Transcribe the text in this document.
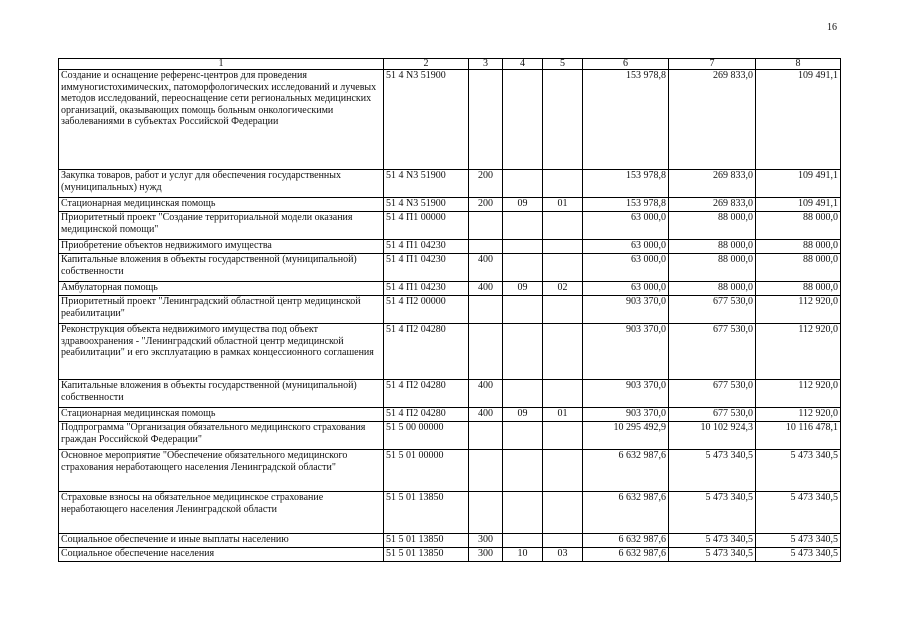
16
1	2	3	4	5	6	7	8
Создание и оснащение референс-центров для проведения иммуногистохимических, патоморфологических исследований и лучевых методов исследований, переоснащение сети региональных медицинских организаций, оказывающих помощь больным онкологическими заболеваниями в субъектах Российской Федерации	51 4 N3 51900				153 978,8	269 833,0	109 491,1
Закупка товаров, работ и услуг для обеспечения государственных (муниципальных) нужд	51 4 N3 51900	200			153 978,8	269 833,0	109 491,1
Стационарная медицинская помощь	51 4 N3 51900	200	09	01	153 978,8	269 833,0	109 491,1
Приоритетный проект "Создание территориальной модели оказания медицинской помощи"	51 4 П1 00000				63 000,0	88 000,0	88 000,0
Приобретение объектов недвижимого имущества	51 4 П1 04230				63 000,0	88 000,0	88 000,0
Капитальные вложения в объекты государственной (муниципальной) собственности	51 4 П1 04230	400			63 000,0	88 000,0	88 000,0
Амбулаторная помощь	51 4 П1 04230	400	09	02	63 000,0	88 000,0	88 000,0
Приоритетный проект "Ленинградский областной центр медицинской реабилитации"	51 4 П2 00000				903 370,0	677 530,0	112 920,0
Реконструкция объекта недвижимого имущества под объект здравоохранения - "Ленинградский областной центр медицинской реабилитации" и его эксплуатацию в рамках концессионного соглашения	51 4 П2 04280				903 370,0	677 530,0	112 920,0
Капитальные вложения в объекты государственной (муниципальной) собственности	51 4 П2 04280	400			903 370,0	677 530,0	112 920,0
Стационарная медицинская помощь	51 4 П2 04280	400	09	01	903 370,0	677 530,0	112 920,0
Подпрограмма "Организация обязательного медицинского страхования граждан Российской Федерации"	51 5 00 00000				10 295 492,9	10 102 924,3	10 116 478,1
Основное мероприятие "Обеспечение обязательного медицинского страхования неработающего населения Ленинградской области"	51 5 01 00000				6 632 987,6	5 473 340,5	5 473 340,5
Страховые взносы на обязательное медицинское страхование неработающего населения Ленинградской области	51 5 01 13850				6 632 987,6	5 473 340,5	5 473 340,5
Социальное обеспечение и иные выплаты населению	51 5 01 13850	300			6 632 987,6	5 473 340,5	5 473 340,5
Социальное обеспечение населения	51 5 01 13850	300	10	03	6 632 987,6	5 473 340,5	5 473 340,5
